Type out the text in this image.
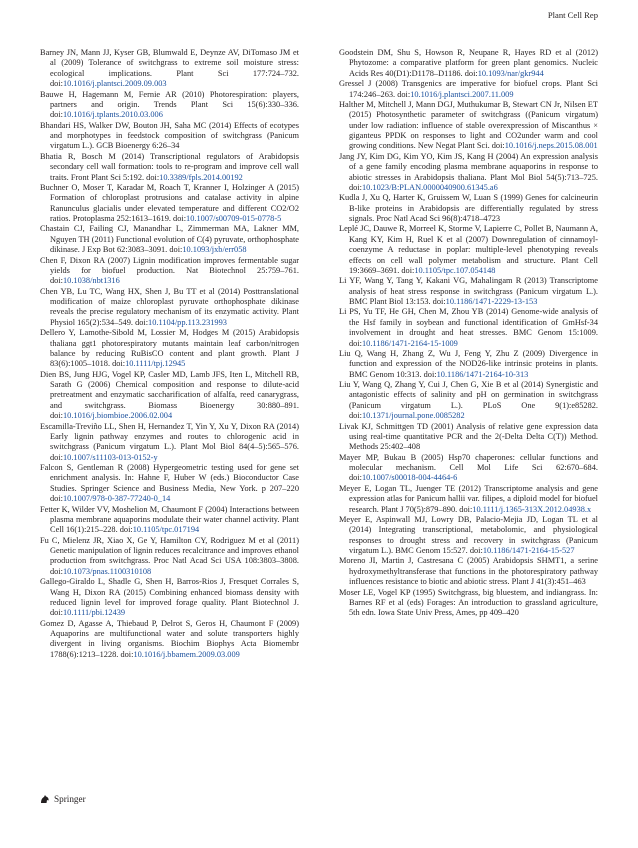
Plant Cell Rep

Barney JN, Mann JJ, Kyser GB, Blumwald E, Deynze AV, DiTomaso JM et al (2009) Tolerance of switchgrass to extreme soil moisture stress: ecological implications. Plant Sci 177:724–732. doi:10.1016/j.plantsci.2009.09.003

Bauwe H, Hagemann M, Fernie AR (2010) Photorespiration: players, partners and origin. Trends Plant Sci 15(6):330–336. doi:10.1016/j.tplants.2010.03.006

Bhandari HS, Walker DW, Bouton JH, Saha MC (2014) Effects of ecotypes and morphotypes in feedstock composition of switchgrass (Panicum virgatum L.). GCB Bioenergy 6:26–34

Bhatia R, Bosch M (2014) Transcriptional regulators of Arabidopsis secondary cell wall formation: tools to re-program and improve cell wall traits. Front Plant Sci 5:192. doi:10.3389/fpls.2014.00192

Buchner O, Moser T, Karadar M, Roach T, Kranner I, Holzinger A (2015) Formation of chloroplast protrusions and catalase activity in alpine Ranunculus glacialis under elevated temperature and different CO2/O2 ratios. Protoplasma 252:1613–1619. doi:10.1007/s00709-015-0778-5

Chastain CJ, Failing CJ, Manandhar L, Zimmerman MA, Lakner MM, Nguyen TH (2011) Functional evolution of C(4) pyruvate, orthophosphate dikinase. J Exp Bot 62:3083–3091. doi:10.1093/jxb/err058

Chen F, Dixon RA (2007) Lignin modification improves fermentable sugar yields for biofuel production. Nat Biotechnol 25:759–761. doi:10.1038/nbt1316

Chen YB, Lu TC, Wang HX, Shen J, Bu TT et al (2014) Posttranslational modification of maize chloroplast pyruvate orthophosphate dikinase reveals the precise regulatory mechanism of its enzymatic activity. Plant Physiol 165(2):534–549. doi:10.1104/pp.113.231993

Dellero Y, Lamothe-Sibold M, Lossier M, Hodges M (2015) Arabidopsis thaliana ggt1 photorespiratory mutants maintain leaf carbon/nitrogen balance by reducing RuBisCO content and plant growth. Plant J 83(6):1005–1018. doi:10.1111/tpj.12945

Dien BS, Jung HJG, Vogel KP, Casler MD, Lamb JFS, Iten L, Mitchell RB, Sarath G (2006) Chemical composition and response to dilute-acid pretreatment and enzymatic saccharification of alfalfa, reed canarygrass, and switchgrass. Biomass Bioenergy 30:880–891. doi:10.1016/j.biombioe.2006.02.004

Escamilla-Treviño LL, Shen H, Hernandez T, Yin Y, Xu Y, Dixon RA (2014) Early lignin pathway enzymes and routes to chlorogenic acid in switchgrass (Panicum virgatum L.). Plant Mol Biol 84(4–5):565–576. doi:10.1007/s11103-013-0152-y

Falcon S, Gentleman R (2008) Hypergeometric testing used for gene set enrichment analysis. In: Hahne F, Huber W (eds.) Bioconductor Case Studies. Springer Science and Business Media, New York. p 207–220 doi:10.1007/978-0-387-77240-0_14

Fetter K, Wilder VV, Moshelion M, Chaumont F (2004) Interactions between plasma membrane aquaporins modulate their water channel activity. Plant Cell 16(1):215–228. doi:10.1105/tpc.017194

Fu C, Mielenz JR, Xiao X, Ge Y, Hamilton CY, Rodriguez M et al (2011) Genetic manipulation of lignin reduces recalcitrance and improves ethanol production from switchgrass. Proc Natl Acad Sci USA 108:3803–3808. doi:10.1073/pnas.1100310108

Gallego-Giraldo L, Shadle G, Shen H, Barros-Rios J, Fresquet Corrales S, Wang H, Dixon RA (2015) Combining enhanced biomass density with reduced lignin level for improved forage quality. Plant Biotechnol J. doi:10.1111/pbi.12439

Gomez D, Agasse A, Thiebaud P, Delrot S, Geros H, Chaumont F (2009) Aquaporins are multifunctional water and solute transporters highly divergent in living organisms. Biochim Biophys Acta Biomembr 1788(6):1213–1228. doi:10.1016/j.bbamem.2009.03.009

Goodstein DM, Shu S, Howson R, Neupane R, Hayes RD et al (2012) Phytozome: a comparative platform for green plant genomics. Nucleic Acids Res 40(D1):D1178–D1186. doi:10.1093/nar/gkr944

Gressel J (2008) Transgenics are imperative for biofuel crops. Plant Sci 174:246–263. doi:10.1016/j.plantsci.2007.11.009

Halther M, Mitchell J, Mann DGJ, Muthukumar B, Stewart CN Jr, Nilsen ET (2015) Photosynthetic parameter of switchgrass ((Panicum virgatum) under low radiation: influence of stable overexpression of Miscanthus × giganteus PPDK on responses to light and CO2under warm and cool growing conditions. New Negat Plant Sci. doi:10.1016/j.neps.2015.08.001

Jang JY, Kim DG, Kim YO, Kim JS, Kang H (2004) An expression analysis of a gene family encoding plasma membrane aquaporins in response to abiotic stresses in Arabidopsis thaliana. Plant Mol Biol 54(5):713–725. doi:10.1023/B:PLAN.0000040900.61345.a6

Kudla J, Xu Q, Harter K, Gruissem W, Luan S (1999) Genes for calcineurin B-like proteins in Arabidopsis are differentially regulated by stress signals. Proc Natl Acad Sci 96(8):4718–4723

Leplé JC, Dauwe R, Morreel K, Storme V, Lapierre C, Pollet B, Naumann A, Kang KY, Kim H, Ruel K et al (2007) Downregulation of cinnamoyl-coenzyme A reductase in poplar: multiple-level phenotyping reveals effects on cell wall polymer metabolism and structure. Plant Cell 19:3669–3691. doi:10.1105/tpc.107.054148

Li YF, Wang Y, Tang Y, Kakani VG, Mahalingam R (2013) Transcriptome analysis of heat stress response in switchgrass (Panicum virgatum L.). BMC Plant Biol 13:153. doi:10.1186/1471-2229-13-153

Li PS, Yu TF, He GH, Chen M, Zhou YB (2014) Genome-wide analysis of the Hsf family in soybean and functional identification of GmHsf-34 involvement in drought and heat stresses. BMC Genom 15:1009. doi:10.1186/1471-2164-15-1009

Liu Q, Wang H, Zhang Z, Wu J, Feng Y, Zhu Z (2009) Divergence in function and expression of the NOD26-like intrinsic proteins in plants. BMC Genom 10:313. doi:10.1186/1471-2164-10-313

Liu Y, Wang Q, Zhang Y, Cui J, Chen G, Xie B et al (2014) Synergistic and antagonistic effects of salinity and pH on germination in switchgrass (Panicum virgatum L.). PLoS One 9(1):e85282. doi:10.1371/journal.pone.0085282

Livak KJ, Schmittgen TD (2001) Analysis of relative gene expression data using real-time quantitative PCR and the 2(-Delta Delta C(T)) Method. Methods 25:402–408

Mayer MP, Bukau B (2005) Hsp70 chaperones: cellular functions and molecular mechanism. Cell Mol Life Sci 62:670–684. doi:10.1007/s00018-004-4464-6

Meyer E, Logan TL, Juenger TE (2012) Transcriptome analysis and gene expression atlas for Panicum hallii var. filipes, a diploid model for biofuel research. Plant J 70(5):879–890. doi:10.1111/j.1365-313X.2012.04938.x

Meyer E, Aspinwall MJ, Lowry DB, Palacio-Mejia JD, Logan TL et al (2014) Integrating transcriptional, metabolomic, and physiological responses to drought stress and recovery in switchgrass (Panicum virgatum L.). BMC Genom 15:527. doi:10.1186/1471-2164-15-527

Moreno JI, Martin J, Castresana C (2005) Arabidopsis SHMT1, a serine hydroxymethyltransferase that functions in the photorespiratory pathway influences resistance to biotic and abiotic stress. Plant J 41(3):451–463

Moser LE, Vogel KP (1995) Switchgrass, big bluestem, and indiangrass. In: Barnes RF et al (eds) Forages: An introduction to grassland agriculture, 5th edn. Iowa State Univ Press, Ames, pp 409–420

Springer
